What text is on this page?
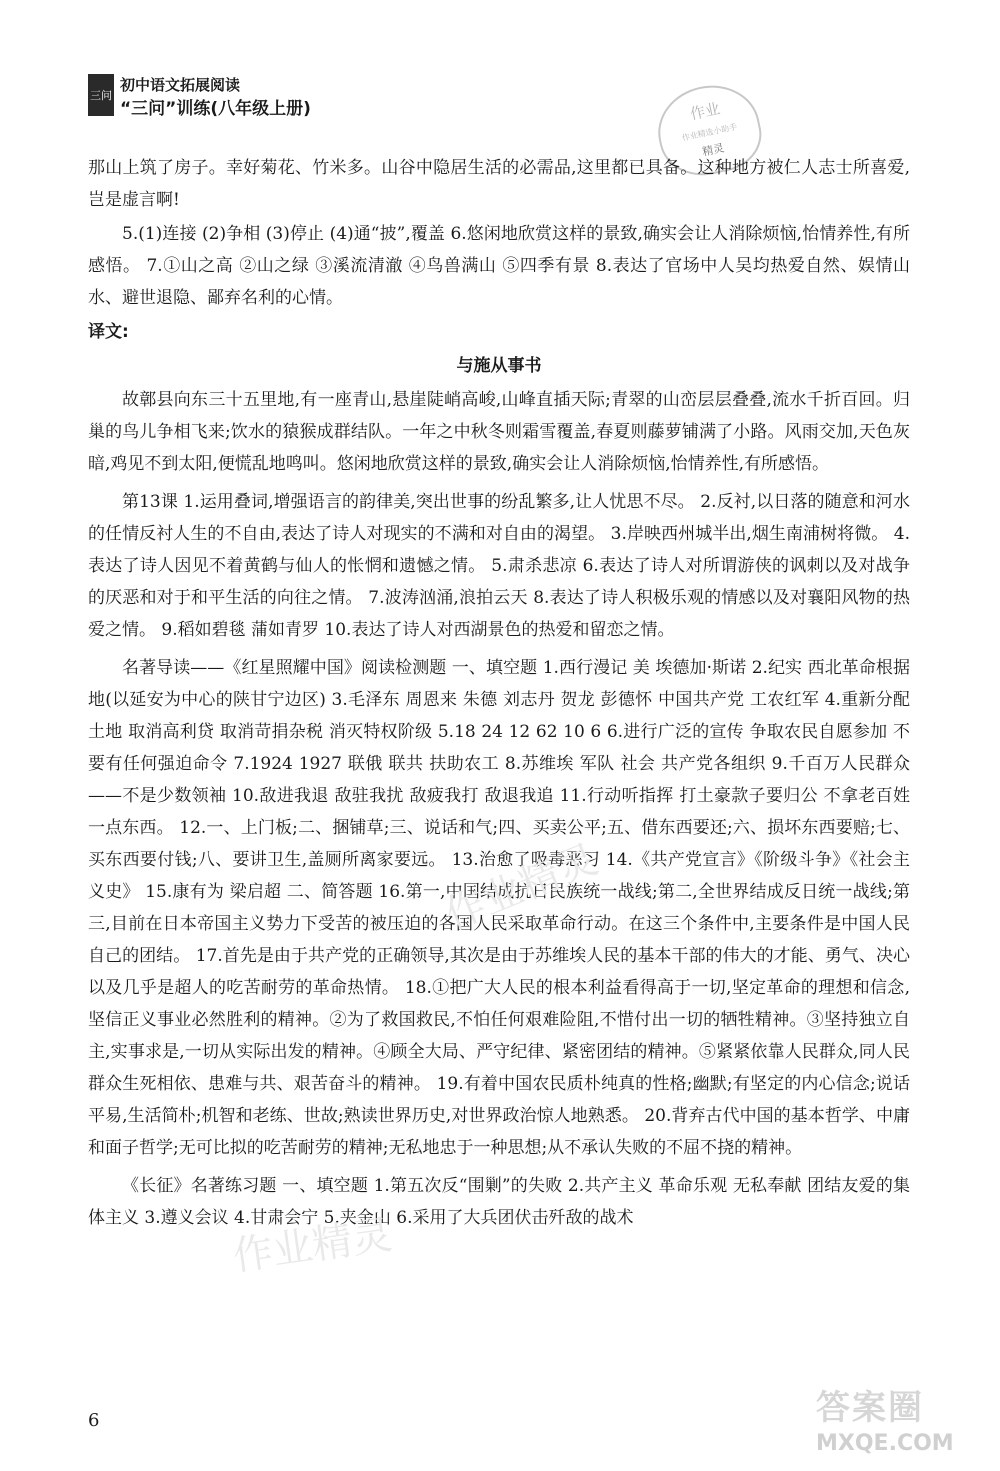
三问
初中语文拓展阅读
“三问”训练(八年级上册)	作业
作业精选小助手
精灵

那山上筑了房子。幸好菊花、竹米多。山谷中隐居生活的必需品,这里都已具备。这种地方被仁人志士所喜爱,岂是虚言啊!

5.(1)连接 (2)争相 (3)停止 (4)通“披”,覆盖 6.悠闲地欣赏这样的景致,确实会让人消除烦恼,怡情养性,有所感悟。 7.①山之高 ②山之绿 ③溪流清澈 ④鸟兽满山 ⑤四季有景 8.表达了官场中人吴均热爱自然、娱情山水、避世退隐、鄙弃名利的心情。

译文:

与施从事书

故鄣县向东三十五里地,有一座青山,悬崖陡峭高峻,山峰直插天际;青翠的山峦层层叠叠,流水千折百回。归巢的鸟儿争相飞来;饮水的猿猴成群结队。一年之中秋冬则霜雪覆盖,春夏则藤萝铺满了小路。风雨交加,天色灰暗,鸡见不到太阳,便慌乱地鸣叫。悠闲地欣赏这样的景致,确实会让人消除烦恼,怡情养性,有所感悟。

第13课 1.运用叠词,增强语言的韵律美,突出世事的纷乱繁多,让人忧思不尽。 2.反衬,以日落的随意和河水的任情反衬人生的不自由,表达了诗人对现实的不满和对自由的渴望。 3.岸映西州城半出,烟生南浦树将微。 4.表达了诗人因见不着黄鹤与仙人的怅惘和遗憾之情。 5.肃杀悲凉 6.表达了诗人对所谓游侠的讽刺以及对战争的厌恶和对于和平生活的向往之情。 7.波涛汹涌,浪拍云天 8.表达了诗人积极乐观的情感以及对襄阳风物的热爱之情。 9.稻如碧毯 蒲如青罗 10.表达了诗人对西湖景色的热爱和留恋之情。

名著导读——《红星照耀中国》阅读检测题 一、填空题 1.西行漫记 美 埃德加·斯诺 2.纪实 西北革命根据地(以延安为中心的陕甘宁边区) 3.毛泽东 周恩来 朱德 刘志丹 贺龙 彭德怀 中国共产党 工农红军 4.重新分配土地 取消高利贷 取消苛捐杂税 消灭特权阶级 5.18 24 12 62 10 6 6.进行广泛的宣传 争取农民自愿参加 不要有任何强迫命令 7.1924 1927 联俄 联共 扶助农工 8.苏维埃 军队 社会 共产党各组织 9.千百万人民群众——不是少数领袖 10.敌进我退 敌驻我扰 敌疲我打 敌退我追 11.行动听指挥 打土豪款子要归公 不拿老百姓一点东西。 12.一、上门板;二、捆铺草;三、说话和气;四、买卖公平;五、借东西要还;六、损坏东西要赔;七、买东西要付钱;八、要讲卫生,盖厕所离家要远。 13.治愈了吸毒恶习 14.《共产党宣言》《阶级斗争》《社会主义史》 15.康有为 梁启超 二、简答题 16.第一,中国结成抗日民族统一战线;第二,全世界结成反日统一战线;第三,目前在日本帝国主义势力下受苦的被压迫的各国人民采取革命行动。在这三个条件中,主要条件是中国人民自己的团结。 17.首先是由于共产党的正确领导,其次是由于苏维埃人民的基本干部的伟大的才能、勇气、决心以及几乎是超人的吃苦耐劳的革命热情。 18.①把广大人民的根本利益看得高于一切,坚定革命的理想和信念,坚信正义事业必然胜利的精神。②为了救国救民,不怕任何艰难险阻,不惜付出一切的牺牲精神。③坚持独立自主,实事求是,一切从实际出发的精神。④顾全大局、严守纪律、紧密团结的精神。⑤紧紧依靠人民群众,同人民群众生死相依、患难与共、艰苦奋斗的精神。 19.有着中国农民质朴纯真的性格;幽默;有坚定的内心信念;说话平易,生活简朴;机智和老练、世故;熟读世界历史,对世界政治惊人地熟悉。 20.背弃古代中国的基本哲学、中庸和面子哲学;无可比拟的吃苦耐劳的精神;无私地忠于一种思想;从不承认失败的不屈不挠的精神。

《长征》名著练习题 一、填空题 1.第五次反“围剿”的失败 2.共产主义 革命乐观 无私奉献 团结友爱的集体主义 3.遵义会议 4.甘肃会宁 5.夹金山 6.采用了大兵团伏击歼敌的战术

作业精灵
作业精灵
6	答案圈
MXQE.COM
